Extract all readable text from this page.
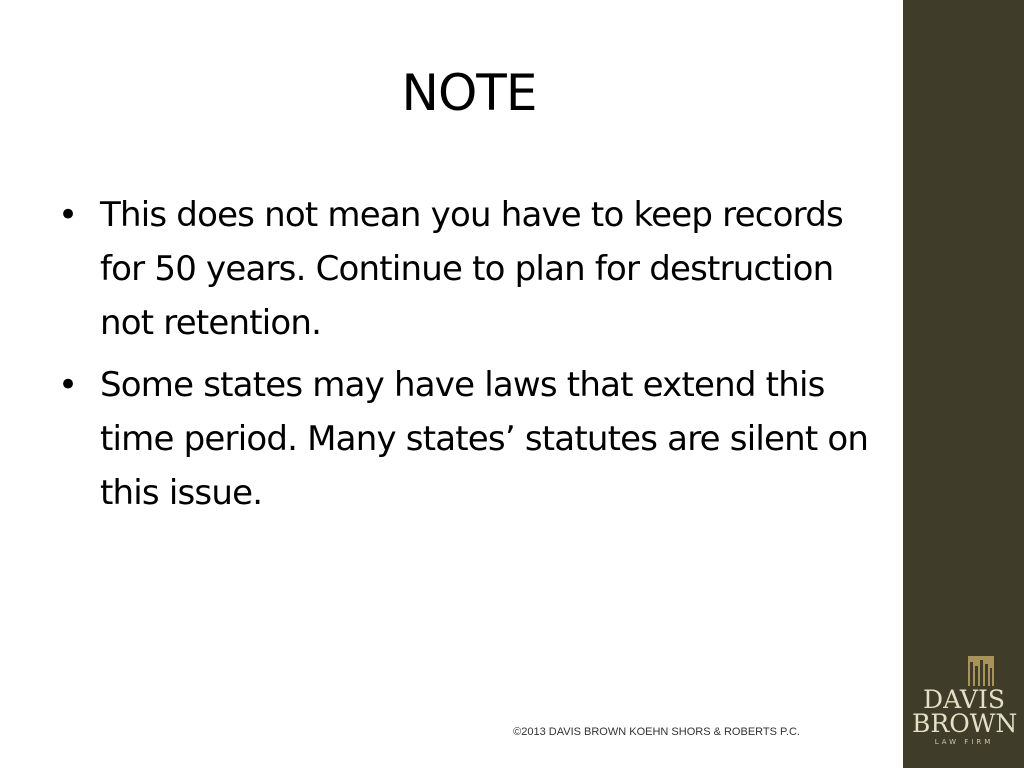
NOTE
• This does not mean you have to keep records for 50 years. Continue to plan for destruction not retention.
• Some states may have laws that extend this time period. Many states’ statutes are silent on this issue.
©2013 DAVIS BROWN KOEHN SHORS & ROBERTS P.C.
DAVIS
BROWN
LAW FIRM
